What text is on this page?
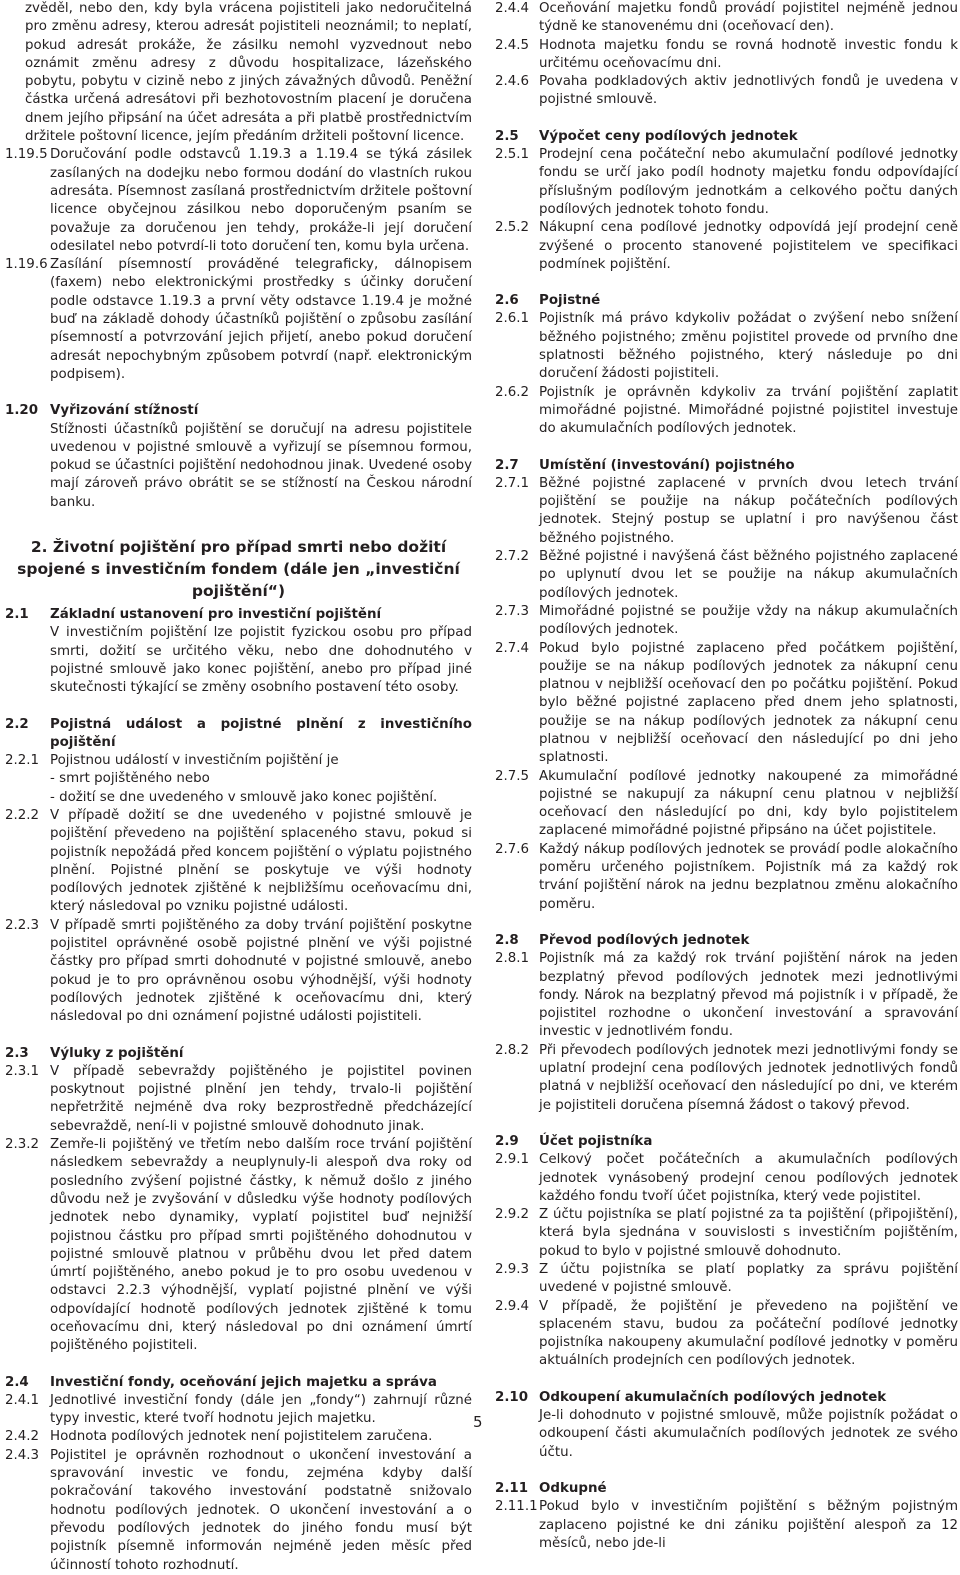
zvěděl, nebo den, kdy byla vrácena pojistiteli jako nedoručitelná pro změnu adresy, kterou adresát pojistiteli neoznámil; to neplatí, pokud adresát prokáže, že zásilku nemohl vyzvednout nebo oznámit změnu adresy z důvodu hospitalizace, lázeňského pobytu, pobytu v cizině nebo z jiných závažných důvodů. Peněžní částka určená adresátovi při bezhotovostním placení je doručena dnem jejího připsání na účet adresáta a při platbě prostřednictvím držitele poštovní licence, jejím předáním držiteli poštovní licence.
1.19.5 Doručování podle odstavců 1.19.3 a 1.19.4 se týká zásilek zasílaných na dodejku nebo formou dodání do vlastních rukou adresáta. Písemnost zasílaná prostřednictvím držitele poštovní licence obyčejnou zásilkou nebo doporučeným psaním se považuje za doručenou jen tehdy, prokáže-li její doručení odesilatel nebo potvrdí-li toto doručení ten, komu byla určena.
1.19.6 Zasílání písemností prováděné telegraficky, dálnopisem (faxem) nebo elektronickými prostředky s účinky doručení podle odstavce 1.19.3 a první věty odstavce 1.19.4 je možné buď na základě dohody účastníků pojištění o způsobu zasílání písemností a potvrzování jejich přijetí, anebo pokud doručení adresát nepochybným způsobem potvrdí (např. elektronickým podpisem).
1.20 Vyřizování stížností
Stížnosti účastníků pojištění se doručují na adresu pojistitele uvedenou v pojistné smlouvě a vyřizují se písemnou formou, pokud se účastníci pojištění nedohodnou jinak. Uvedené osoby mají zároveň právo obrátit se se stížností na Českou národní banku.
2. Životní pojištění pro případ smrti nebo dožití
spojené s investičním fondem (dále jen „investiční pojištění“)
2.1	Základní ustanovení pro investiční pojištění
V investičním pojištění lze pojistit fyzickou osobu pro případ smrti, dožití se určitého věku, nebo dne dohodnutého v pojistné smlouvě jako konec pojištění, anebo pro případ jiné skutečnosti týkající se změny osobního postavení této osoby.
2.2	Pojistná událost a pojistné plnění z investičního pojištění
2.2.1 Pojistnou událostí v investičním pojištění je
- smrt pojištěného nebo
- dožití se dne uvedeného v smlouvě jako konec pojištění.
2.2.2 V případě dožití se dne uvedeného v pojistné smlouvě je pojištění převedeno na pojištění splaceného stavu, pokud si pojistník nepožádá před koncem pojištění o výplatu pojistného plnění. Pojistné plnění se poskytuje ve výši hodnoty podílových jednotek zjištěné k nejbližšímu oceňovacímu dni, který následoval po vzniku pojistné události.
2.2.3 V případě smrti pojištěného za doby trvání pojištění poskytne pojistitel oprávněné osobě pojistné plnění ve výši pojistné částky pro případ smrti dohodnuté v pojistné smlouvě, anebo pokud je to pro oprávněnou osobu výhodnější, výši hodnoty podílových jednotek zjištěné k oceňovacímu dni, který následoval po dni oznámení pojistné události pojistiteli.
2.3	Výluky z pojištění
2.3.1 V případě sebevraždy pojištěného je pojistitel povinen poskytnout pojistné plnění jen tehdy, trvalo-li pojištění nepřetržitě nejméně dva roky bezprostředně předcházející sebevraždě, není-li v pojistné smlouvě dohodnuto jinak.
2.3.2 Zemře-li pojištěný ve třetím nebo dalším roce trvání pojištění následkem sebevraždy a neuplynuly-li alespoň dva roky od posledního zvýšení pojistné částky, k němuž došlo z jiného důvodu než je zvyšování v důsledku výše hodnoty podílových jednotek nebo dynamiky, vyplatí pojistitel buď nejnižší pojistnou částku pro případ smrti pojištěného dohodnutou v pojistné smlouvě platnou v průběhu dvou let před datem úmrtí pojištěného, anebo pokud je to pro osobu uvedenou v odstavci 2.2.3 výhodnější, vyplatí pojistné plnění ve výši odpovídající hodnotě podílových jednotek zjištěné k tomu oceňovacímu dni, který následoval po dni oznámení úmrtí pojištěného pojistiteli.
2.4	Investiční fondy, oceňování jejich majetku a správa
2.4.1 Jednotlivé investiční fondy (dále jen „fondy“) zahrnují různé typy investic, které tvoří hodnotu jejich majetku.
2.4.2 Hodnota podílových jednotek není pojistitelem zaručena.
2.4.3 Pojistitel je oprávněn rozhodnout o ukončení investování a spravování investic ve fondu, zejména kdyby další pokračování takového investování podstatně snižovalo hodnotu podílových jednotek. O ukončení investování a o převodu podílových jednotek do jiného fondu musí být pojistník písemně informován nejméně jeden měsíc před účinností tohoto rozhodnutí.
2.4.4 Oceňování majetku fondů provádí pojistitel nejméně jednou týdně ke stanovenému dni (oceňovací den).
2.4.5 Hodnota majetku fondu se rovná hodnotě investic fondu k určitému oceňovacímu dni.
2.4.6 Povaha podkladových aktiv jednotlivých fondů je uvedena v pojistné smlouvě.
2.5	Výpočet ceny podílových jednotek
2.5.1 Prodejní cena počáteční nebo akumulační podílové jednotky fondu se určí jako podíl hodnoty majetku fondu odpovídající příslušným podílovým jednotkám a celkového počtu daných podílových jednotek tohoto fondu.
2.5.2 Nákupní cena podílové jednotky odpovídá její prodejní ceně zvýšené o procento stanovené pojistitelem ve specifikaci podmínek pojištění.
2.6	Pojistné
2.6.1 Pojistník má právo kdykoliv požádat o zvýšení nebo snížení běžného pojistného; změnu pojistitel provede od prvního dne splatnosti běžného pojistného, který následuje po dni doručení žádosti pojistiteli.
2.6.2 Pojistník je oprávněn kdykoliv za trvání pojištění zaplatit mimořádné pojistné. Mimořádné pojistné pojistitel investuje do akumulačních podílových jednotek.
2.7	Umístění (investování) pojistného
2.7.1 Běžné pojistné zaplacené v prvních dvou letech trvání pojištění se použije na nákup počátečních podílových jednotek. Stejný postup se uplatní i pro navýšenou část běžného pojistného.
2.7.2 Běžné pojistné i navýšená část běžného pojistného zaplacené po uplynutí dvou let se použije na nákup akumulačních podílových jednotek.
2.7.3 Mimořádné pojistné se použije vždy na nákup akumulačních podílových jednotek.
2.7.4 Pokud bylo pojistné zaplaceno před počátkem pojištění, použije se na nákup podílových jednotek za nákupní cenu platnou v nejbližší oceňovací den po počátku pojištění. Pokud bylo běžné pojistné zaplaceno před dnem jeho splatnosti, použije se na nákup podílových jednotek za nákupní cenu platnou v nejbližší oceňovací den následující po dni jeho splatnosti.
2.7.5 Akumulační podílové jednotky nakoupené za mimořádné pojistné se nakupují za nákupní cenu platnou v nejbližší oceňovací den následující po dni, kdy bylo pojistitelem zaplacené mimořádné pojistné připsáno na účet pojistitele.
2.7.6 Každý nákup podílových jednotek se provádí podle alokačního poměru určeného pojistníkem. Pojistník má za každý rok trvání pojištění nárok na jednu bezplatnou změnu alokačního poměru.
2.8	Převod podílových jednotek
2.8.1 Pojistník má za každý rok trvání pojištění nárok na jeden bezplatný převod podílových jednotek mezi jednotlivými fondy. Nárok na bezplatný převod má pojistník i v případě, že pojistitel rozhodne o ukončení investování a spravování investic v jednotlivém fondu.
2.8.2 Při převodech podílových jednotek mezi jednotlivými fondy se uplatní prodejní cena podílových jednotek jednotlivých fondů platná v nejbližší oceňovací den následující po dni, ve kterém je pojistiteli doručena písemná žádost o takový převod.
2.9	Účet pojistníka
2.9.1 Celkový počet počátečních a akumulačních podílových jednotek vynásobený prodejní cenou podílových jednotek každého fondu tvoří účet pojistníka, který vede pojistitel.
2.9.2 Z účtu pojistníka se platí pojistné za ta pojištění (připojištění), která byla sjednána v souvislosti s investičním pojištěním, pokud to bylo v pojistné smlouvě dohodnuto.
2.9.3 Z účtu pojistníka se platí poplatky za správu pojištění uvedené v pojistné smlouvě.
2.9.4 V případě, že pojištění je převedeno na pojištění ve splaceném stavu, budou za počáteční podílové jednotky pojistníka nakoupeny akumulační podílové jednotky v poměru aktuálních prodejních cen podílových jednotek.
2.10 Odkoupení akumulačních podílových jednotek
Je-li dohodnuto v pojistné smlouvě, může pojistník požádat o odkoupení části akumulačních podílových jednotek ze svého účtu.
2.11 Odkupné
2.11.1 Pokud bylo v investičním pojištění s běžným pojistným zaplaceno pojistné ke dni zániku pojištění alespoň za 12 měsíců, nebo jde-li
5
